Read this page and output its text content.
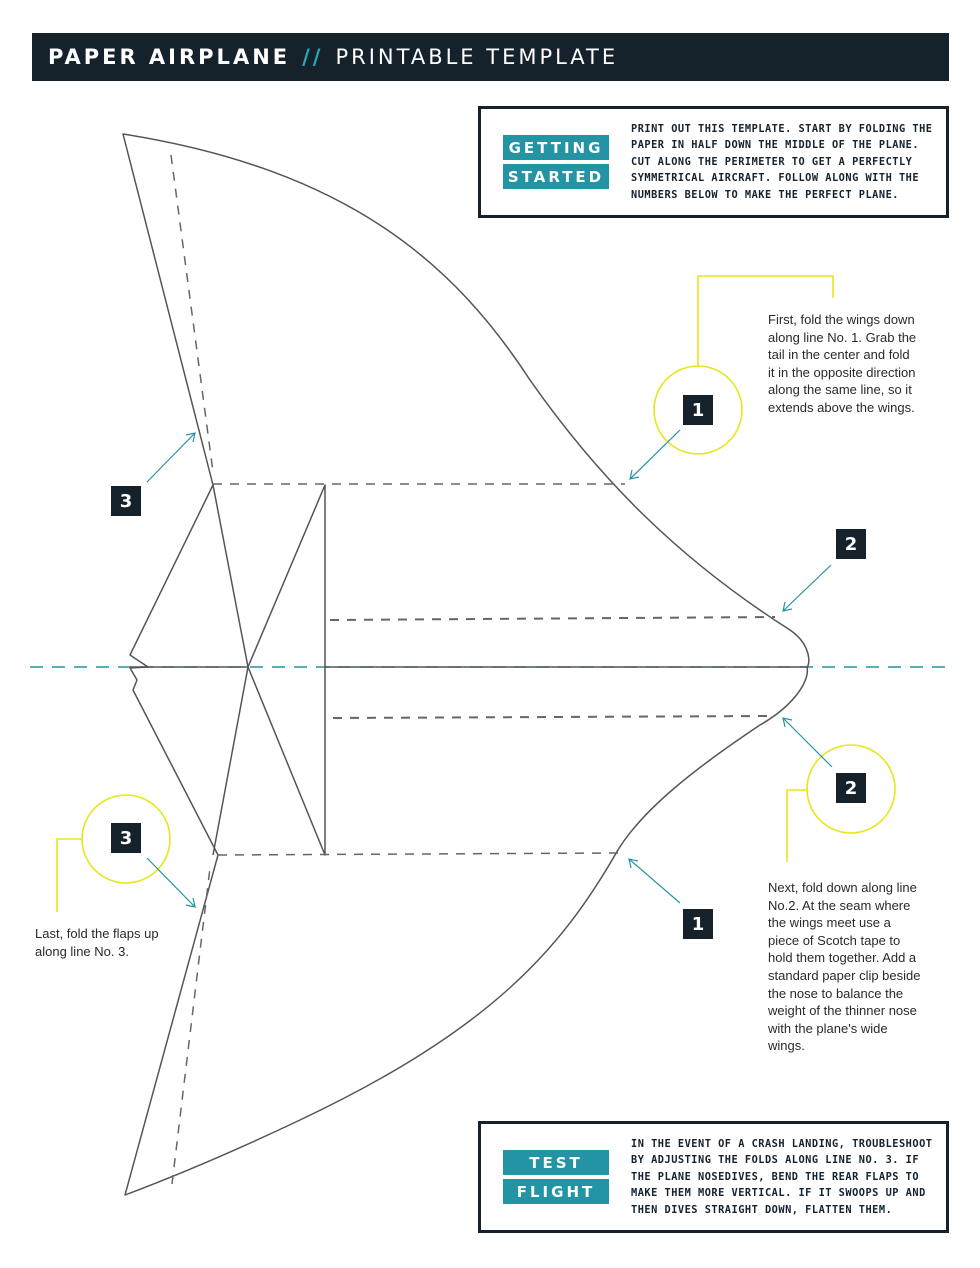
PAPER AIRPLANE // PRINTABLE TEMPLATE
GETTING
STARTED
PRINT OUT THIS TEMPLATE. START BY FOLDING THE PAPER IN HALF DOWN THE MIDDLE OF THE PLANE. CUT ALONG THE PERIMETER TO GET A PERFECTLY SYMMETRICAL AIRCRAFT. FOLLOW ALONG WITH THE NUMBERS BELOW TO MAKE THE PERFECT PLANE.
TEST
FLIGHT
IN THE EVENT OF A CRASH LANDING, TROUBLESHOOT BY ADJUSTING THE FOLDS ALONG LINE NO. 3. IF THE PLANE NOSEDIVES, BEND THE REAR FLAPS TO MAKE THEM MORE VERTICAL. IF IT SWOOPS UP AND THEN DIVES STRAIGHT DOWN, FLATTEN THEM.
1
1
2
2
3
3
First, fold the wings down along line No. 1. Grab the tail in the center and fold it in the opposite direction along the same line, so it extends above the wings.
Next, fold down along line No.2. At the seam where the wings meet use a piece of Scotch tape to hold them together. Add a standard paper clip beside the nose to balance the weight of the thinner nose with the plane's wide wings.
Last, fold the flaps up along line No. 3.
